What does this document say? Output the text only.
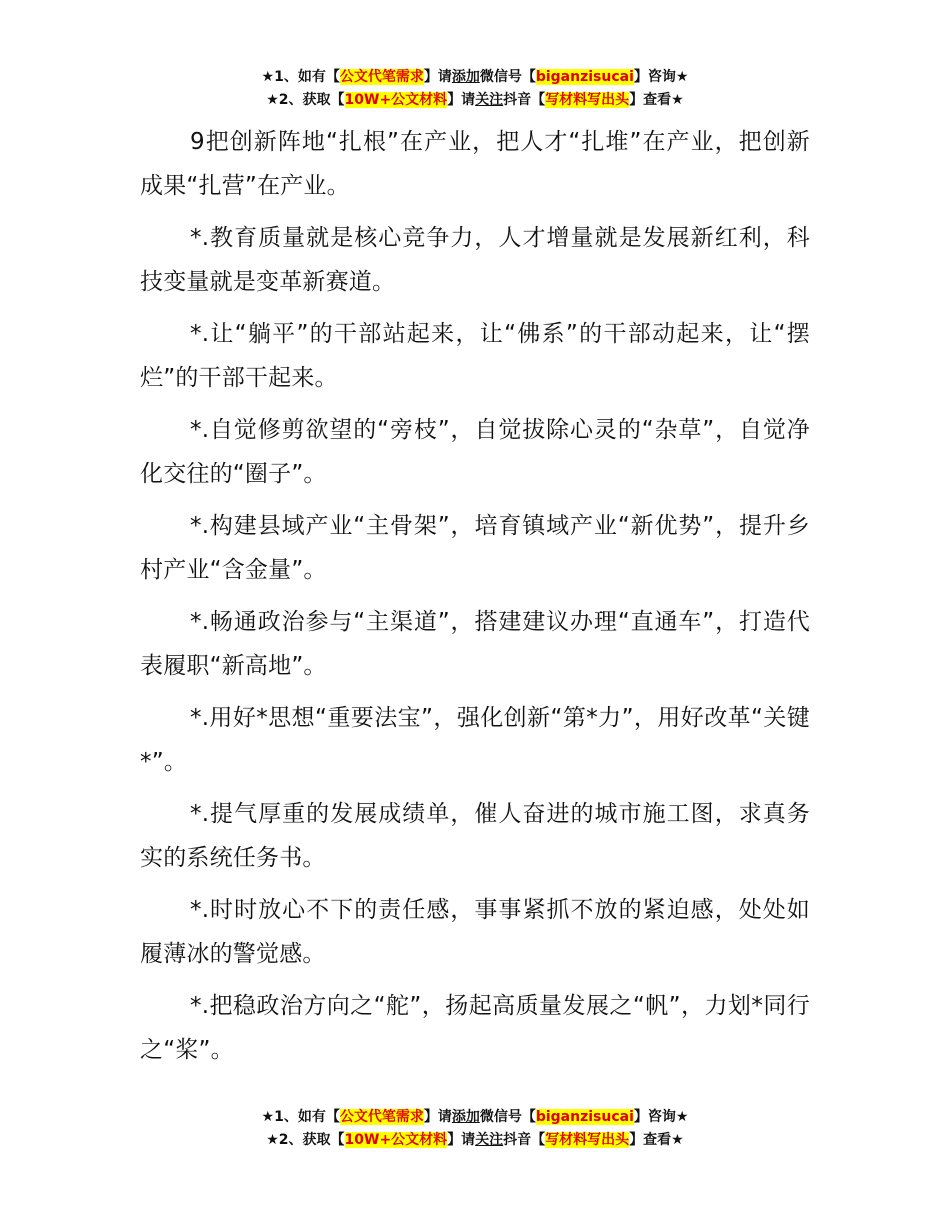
★1、如有【公文代笔需求】请添加微信号【biganzisucai】咨询★
★2、获取【10W+公文材料】请关注抖音【写材料写出头】查看★

9把创新阵地“扎根”在产业，把人才“扎堆”在产业，把创新成果“扎营”在产业。

*.教育质量就是核心竞争力，人才增量就是发展新红利，科技变量就是变革新赛道。

*.让“躺平”的干部站起来，让“佛系”的干部动起来，让“摆烂”的干部干起来。

*.自觉修剪欲望的“旁枝”，自觉拔除心灵的“杂草”，自觉净化交往的“圈子”。

*.构建县域产业“主骨架”，培育镇域产业“新优势”，提升乡村产业“含金量”。

*.畅通政治参与“主渠道”，搭建建议办理“直通车”，打造代表履职“新高地”。

*.用好*思想“重要法宝”，强化创新“第*力”，用好改革“关键*”。

*.提气厚重的发展成绩单，催人奋进的城市施工图，求真务实的系统任务书。

*.时时放心不下的责任感，事事紧抓不放的紧迫感，处处如履薄冰的警觉感。

*.把稳政治方向之“舵”，扬起高质量发展之“帆”，力划*同行之“桨”。

★1、如有【公文代笔需求】请添加微信号【biganzisucai】咨询★
★2、获取【10W+公文材料】请关注抖音【写材料写出头】查看★
